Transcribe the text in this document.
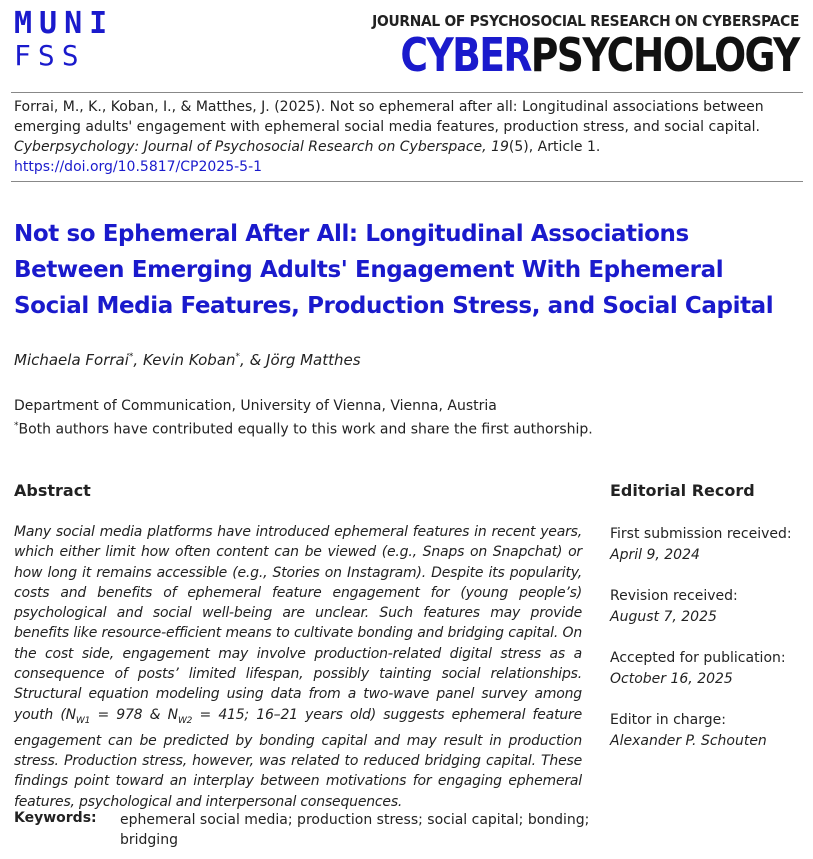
MUNI
FSS
JOURNAL OF PSYCHOSOCIAL RESEARCH ON CYBERSPACE
CYBERPSYCHOLOGY
Forrai, M., K., Koban, I., & Matthes, J. (2025). Not so ephemeral after all: Longitudinal associations between emerging adults' engagement with ephemeral social media features, production stress, and social capital. Cyberpsychology: Journal of Psychosocial Research on Cyberspace, 19(5), Article 1. https://doi.org/10.5817/CP2025-5-1
Not so Ephemeral After All: Longitudinal Associations Between Emerging Adults' Engagement With Ephemeral Social Media Features, Production Stress, and Social Capital
Michaela Forrai*, Kevin Koban*, & Jörg Matthes
Department of Communication, University of Vienna, Vienna, Austria
*Both authors have contributed equally to this work and share the first authorship.
Abstract
Many social media platforms have introduced ephemeral features in recent years, which either limit how often content can be viewed (e.g., Snaps on Snapchat) or how long it remains accessible (e.g., Stories on Instagram). Despite its popularity, costs and benefits of ephemeral feature engagement for (young people’s) psychological and social well-being are unclear. Such features may provide benefits like resource-efficient means to cultivate bonding and bridging capital. On the cost side, engagement may involve production-related digital stress as a consequence of posts’ limited lifespan, possibly tainting social relationships. Structural equation modeling using data from a two-wave panel survey among youth ($N_{W1} = 978$ & $N_{W2} = 415$; 16–21 years old) suggests ephemeral feature engagement can be predicted by bonding capital and may result in production stress. Production stress, however, was related to reduced bridging capital. These findings point toward an interplay between motivations for engaging ephemeral features, psychological and interpersonal consequences.
Keywords: ephemeral social media; production stress; social capital; bonding; bridging
Editorial Record
First submission received:
April 9, 2024
Revision received:
August 7, 2025
Accepted for publication:
October 16, 2025
Editor in charge:
Alexander P. Schouten
